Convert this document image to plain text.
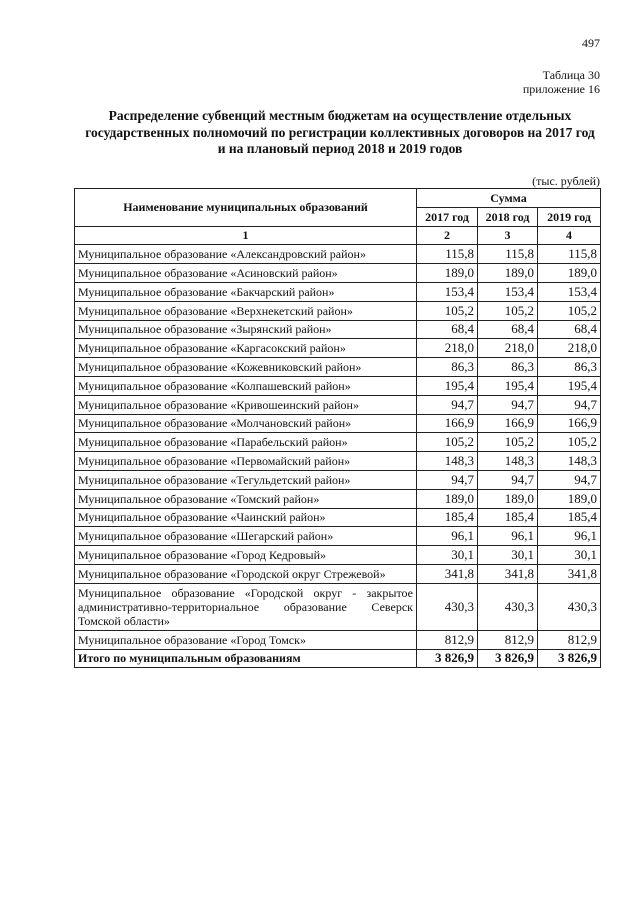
497
Таблица 30
приложение 16
Распределение субвенций местным бюджетам на осуществление отдельных
государственных полномочий по регистрации коллективных договоров на 2017 год
и на плановый период 2018 и 2019 годов
(тыс. рублей)
Наименование муниципальных образований	Сумма		
	2017 год	2018 год	2019 год
1	2	3	4
Муниципальное образование «Александровский район»	115,8	115,8	115,8
Муниципальное образование «Асиновский район»	189,0	189,0	189,0
Муниципальное образование «Бакчарский район»	153,4	153,4	153,4
Муниципальное образование «Верхнекетский район»	105,2	105,2	105,2
Муниципальное образование «Зырянский район»	68,4	68,4	68,4
Муниципальное образование «Каргасокский район»	218,0	218,0	218,0
Муниципальное образование «Кожевниковский район»	86,3	86,3	86,3
Муниципальное образование «Колпашевский район»	195,4	195,4	195,4
Муниципальное образование «Кривошеинский район»	94,7	94,7	94,7
Муниципальное образование «Молчановский район»	166,9	166,9	166,9
Муниципальное образование «Парабельский район»	105,2	105,2	105,2
Муниципальное образование «Первомайский район»	148,3	148,3	148,3
Муниципальное образование «Тегульдетский район»	94,7	94,7	94,7
Муниципальное образование «Томский район»	189,0	189,0	189,0
Муниципальное образование «Чаинский район»	185,4	185,4	185,4
Муниципальное образование «Шегарский район»	96,1	96,1	96,1
Муниципальное образование «Город Кедровый»	30,1	30,1	30,1
Муниципальное образование «Городской округ Стрежевой»	341,8	341,8	341,8
Муниципальное образование «Городской округ - закрытое административно-территориальное образование Северск Томской области»	430,3	430,3	430,3
Муниципальное образование «Город Томск»	812,9	812,9	812,9
Итого по муниципальным образованиям	3 826,9	3 826,9	3 826,9
